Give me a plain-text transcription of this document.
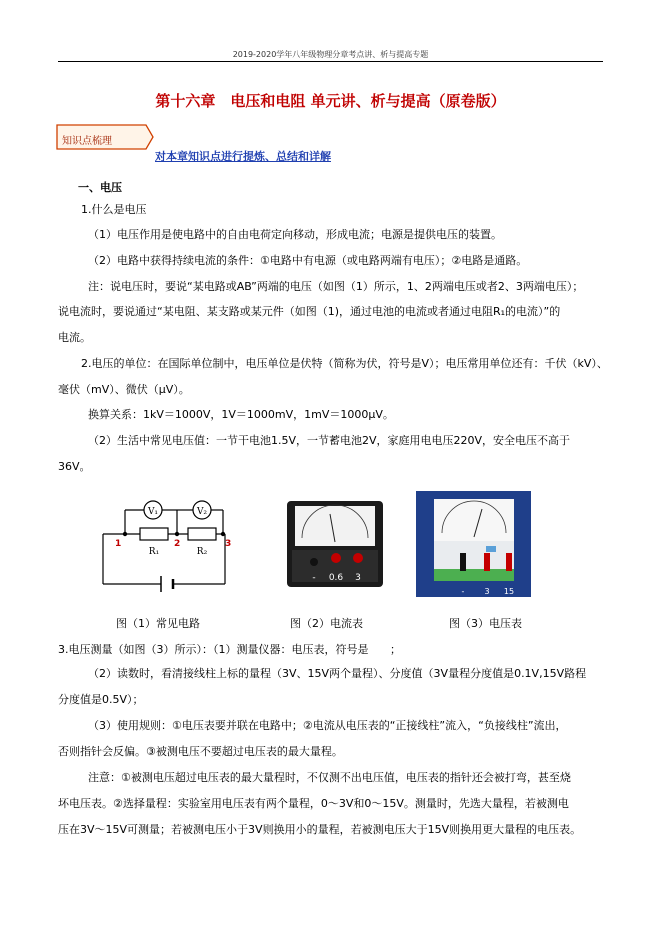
2019-2020学年八年级物理分章考点讲、析与提高专题
第十六章　电压和电阻 单元讲、析与提高（原卷版）
知识点梳理
对本章知识点进行提炼、总结和详解
一、电压
1.什么是电压
（1）电压作用是使电路中的自由电荷定向移动，形成电流；电源是提供电压的装置。
（2）电路中获得持续电流的条件：①电路中有电源（或电路两端有电压）；②电路是通路。
注：说电压时，要说“某电路或AB”两端的电压（如图（1）所示，1、2两端电压或者2、3两端电压）；
说电流时，要说通过“某电阻、某支路或某元件（如图（1)，通过电池的电流或者通过电阻R₁的电流）”的
电流。
2.电压的单位：在国际单位制中，电压单位是伏特（简称为伏，符号是V）；电压常用单位还有：千伏（kV）、
毫伏（mV）、微伏（μV）。
换算关系：1kV＝1000V，1V＝1000mV，1mV＝1000μV。
（2）生活中常见电压值：一节干电池1.5V，一节蓄电池2V，家庭用电电压220V，安全电压不高于
36V。
V₁	V₂
R₁	R₂
1	2	3
- 0.6 3
-	3 15
图（1）常见电路	图（2）电流表	图（3）电压表
3.电压测量（如图（3）所示）：（1）测量仪器：电压表，符号是 ；
（2）读数时，看清接线柱上标的量程（3V、15V两个量程）、分度值（3V量程分度值是0.1V,15V路程
分度值是0.5V）；
（3）使用规则：①电压表要并联在电路中；②电流从电压表的“正接线柱”流入，“负接线柱”流出，
否则指针会反偏。③被测电压不要超过电压表的最大量程。
注意：①被测电压超过电压表的最大量程时，不仅测不出电压值，电压表的指针还会被打弯，甚至烧
坏电压表。②选择量程：实验室用电压表有两个量程，0～3V和0～15V。测量时，先选大量程，若被测电
压在3V～15V可测量；若被测电压小于3V则换用小的量程，若被测电压大于15V则换用更大量程的电压表。
